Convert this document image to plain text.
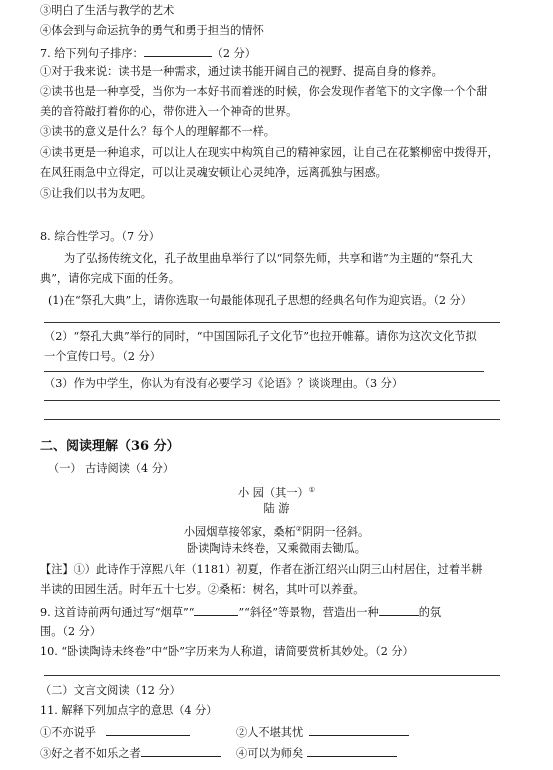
③明白了生活与教学的艺术
④体会到与命运抗争的勇气和勇于担当的情怀
7. 给下列句子排序：	（2 分）
①对于我来说：读书是一种需求，通过读书能开阔自己的视野、提高自身的修养。
②读书也是一种享受，当你为一本好书而着迷的时候，你会发现作者笔下的文字像一个个甜
美的音符敲打着你的心，带你进入一个神奇的世界。
③读书的意义是什么？每个人的理解都不一样。
④读书更是一种追求，可以让人在现实中构筑自己的精神家园，让自己在花繁柳密中拨得开，
在风狂雨急中立得定，可以让灵魂安顿让心灵纯净，远离孤独与困惑。
⑤让我们以书为友吧。
8. 综合性学习。（7 分）
为了弘扬传统文化，孔子故里曲阜举行了以“同祭先师，共享和谐”为主题的“祭孔大
典”，请你完成下面的任务。
(1)在“祭孔大典”上，请你选取一句最能体现孔子思想的经典名句作为迎宾语。（2 分）
（2）“祭孔大典”举行的同时，“中国国际孔子文化节”也拉开帷幕。请你为这次文化节拟
一个宣传口号。（2 分）
（3）作为中学生，你认为有没有必要学习《论语》？谈谈理由。（3 分）
二、阅读理解（36 分）
（一） 古诗阅读（4 分）
小 园（其一）①
陆 游
小园烟草接邻家，桑柘②阴阴一径斜。
卧读陶诗未终卷，又乘微雨去锄瓜。
【注】①）此诗作于淳熙八年（1181）初夏，作者在浙江绍兴山阴三山村居住，过着半耕
半读的田园生活。时年五十七岁。②桑柘：树名，其叶可以养蚕。
9. 这首诗前两句通过写“烟草”“	”“斜径”等景物，营造出一种	的氛
围。（2 分）
10. “卧读陶诗未终卷”中“卧”字历来为人称道，请简要赏析其妙处。（2 分）
（二）文言文阅读（12 分）
11. 解释下列加点字的意思（4 分）
①不亦说乎	②人不堪其忧
③好之者不如乐之者	④可以为师矣
